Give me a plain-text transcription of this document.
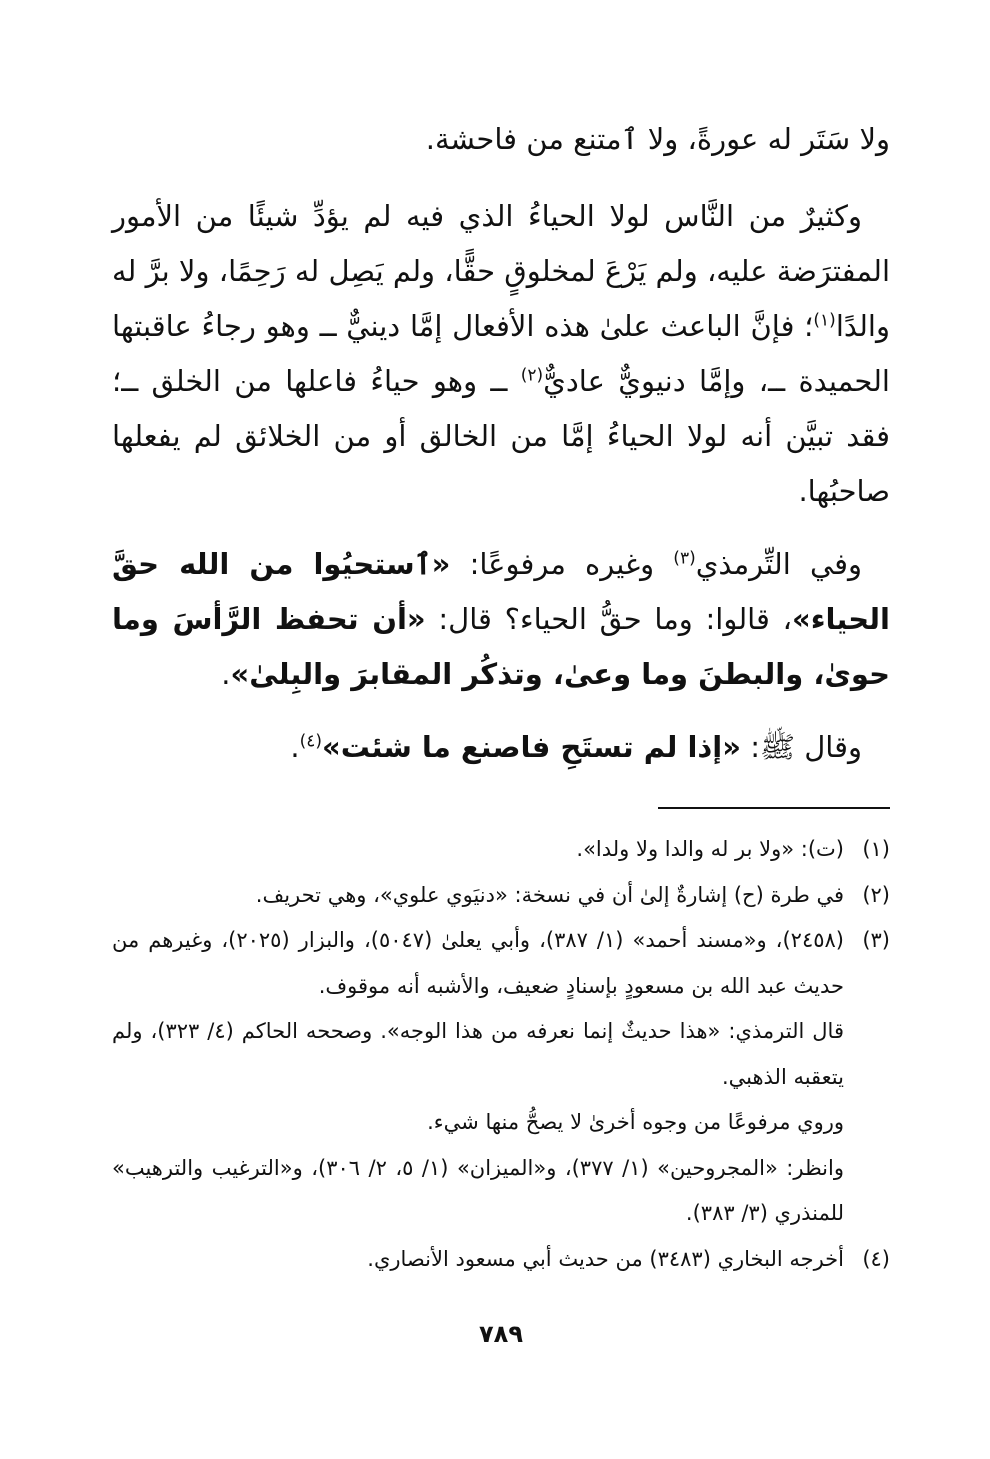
ولا سَتَر له عورةً، ولا ٱمتنع من فاحشة.

وكثيرٌ من النَّاس لولا الحياءُ الذي فيه لم يؤدِّ شيئًا من الأمور المفترَضة عليه، ولم يَرْعَ لمخلوقٍ حقًّا، ولم يَصِل له رَحِمًا، ولا برَّ له والدًا$^{(١)}$؛ فإنَّ الباعث علىٰ هذه الأفعال إمَّا دينيٌّ ــ وهو رجاءُ عاقبتها الحميدة ــ، وإمَّا دنيويٌّ عاديٌّ$^{(٢)}$ ــ وهو حياءُ فاعلها من الخلق ــ؛ فقد تبيَّن أنه لولا الحياءُ إمَّا من الخالق أو من الخلائق لم يفعلها صاحبُها.

وفي التِّرمذي$^{(٣)}$ وغيره مرفوعًا: «ٱستحيُوا من الله حقَّ الحياء»، قالوا: وما حقُّ الحياء؟ قال: «أن تحفظ الرَّأسَ وما حوىٰ، والبطنَ وما وعىٰ، وتذكُر المقابرَ والبِلىٰ».

وقال ﷺ: «إذا لم تستَحِ فاصنع ما شئت»$^{(٤)}$.

(١)
(ت): «ولا بر له والدا ولا ولدا».
(٢)
في طرة (ح) إشارةٌ إلىٰ أن في نسخة: «دنيَوي علوي»، وهي تحريف.
(٣)
(٢٤٥٨)، و«مسند أحمد» (١/ ٣٨٧)، وأبي يعلىٰ (٥٠٤٧)، والبزار (٢٠٢٥)، وغيرهم من حديث عبد الله بن مسعودٍ بإسنادٍ ضعيف، والأشبه أنه موقوف.
قال الترمذي: «هذا حديثٌ إنما نعرفه من هذا الوجه». وصححه الحاكم (٤/ ٣٢٣)، ولم يتعقبه الذهبي.
وروي مرفوعًا من وجوه أخرىٰ لا يصحُّ منها شيء.
وانظر: «المجروحين» (١/ ٣٧٧)، و«الميزان» (١/ ٥، ٢/ ٣٠٦)، و«الترغيب والترهيب» للمنذري (٣/ ٣٨٣).
(٤)
أخرجه البخاري (٣٤٨٣) من حديث أبي مسعود الأنصاري.
٧٨٩
